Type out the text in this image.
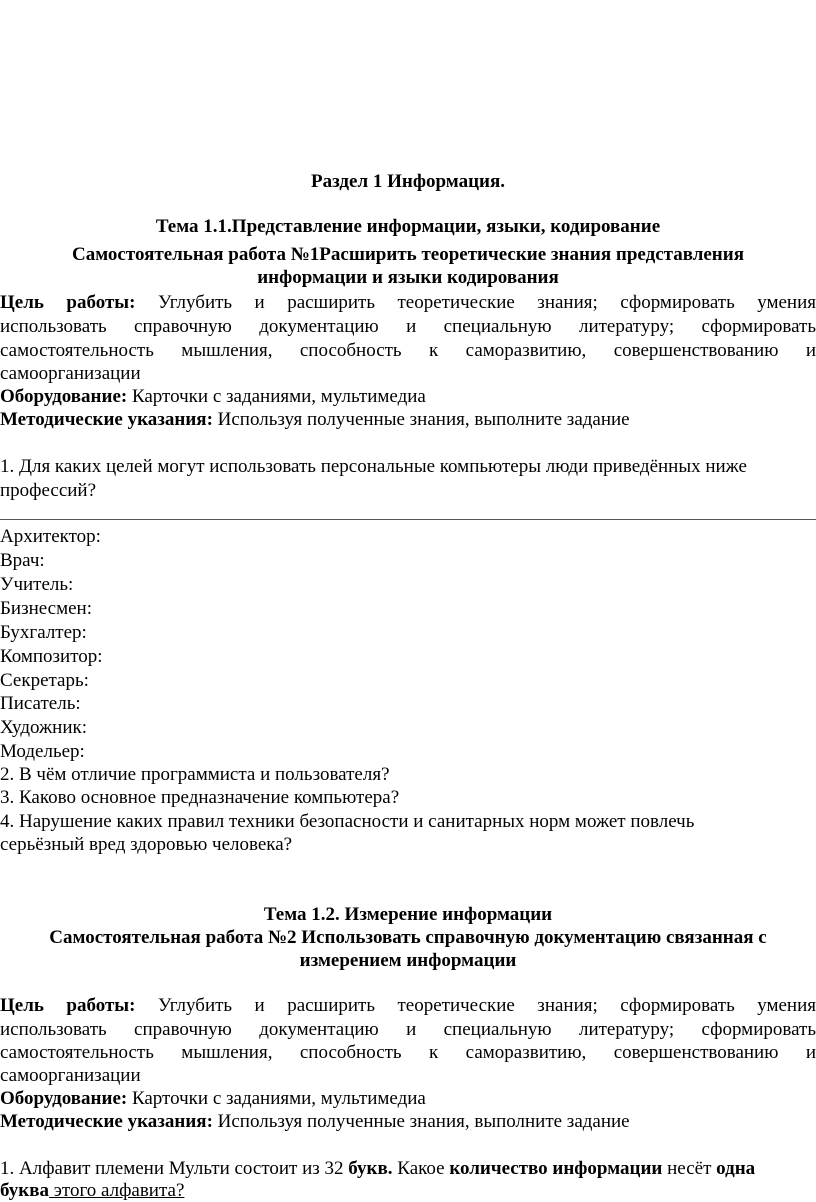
Раздел 1 Информация.
Тема 1.1.Представление информации, языки, кодирование
Самостоятельная работа №1Расширить теоретические знания представления
информации и языки кодирования
Цель работы: Углубить и расширить теоретические знания; сформировать умения
использовать справочную документацию и специальную литературу; сформировать
самостоятельность мышления, способность к саморазвитию, совершенствованию и
самоорганизации
Оборудование: Карточки с заданиями, мультимедиа
Методические указания: Используя полученные знания, выполните задание
1. Для каких целей могут использовать персональные компьютеры люди приведённых ниже
профессий?
Архитектор:
Врач:
Учитель:
Бизнесмен:
Бухгалтер:
Композитор:
Секретарь:
Писатель:
Художник:
Модельер:
2. В чём отличие программиста и пользователя?
3. Каково основное предназначение компьютера?
4. Нарушение каких правил техники безопасности и санитарных норм может повлечь
серьёзный вред здоровью человека?
Тема 1.2. Измерение информации
Самостоятельная работа №2 Использовать справочную документацию связанная с
измерением информации
Цель работы: Углубить и расширить теоретические знания; сформировать умения
использовать справочную документацию и специальную литературу; сформировать
самостоятельность мышления, способность к саморазвитию, совершенствованию и
самоорганизации
Оборудование: Карточки с заданиями, мультимедиа
Методические указания: Используя полученные знания, выполните задание
1. Алфавит племени Мульти состоит из 32 букв. Какое количество информации несёт одна
буква этого алфавита?
